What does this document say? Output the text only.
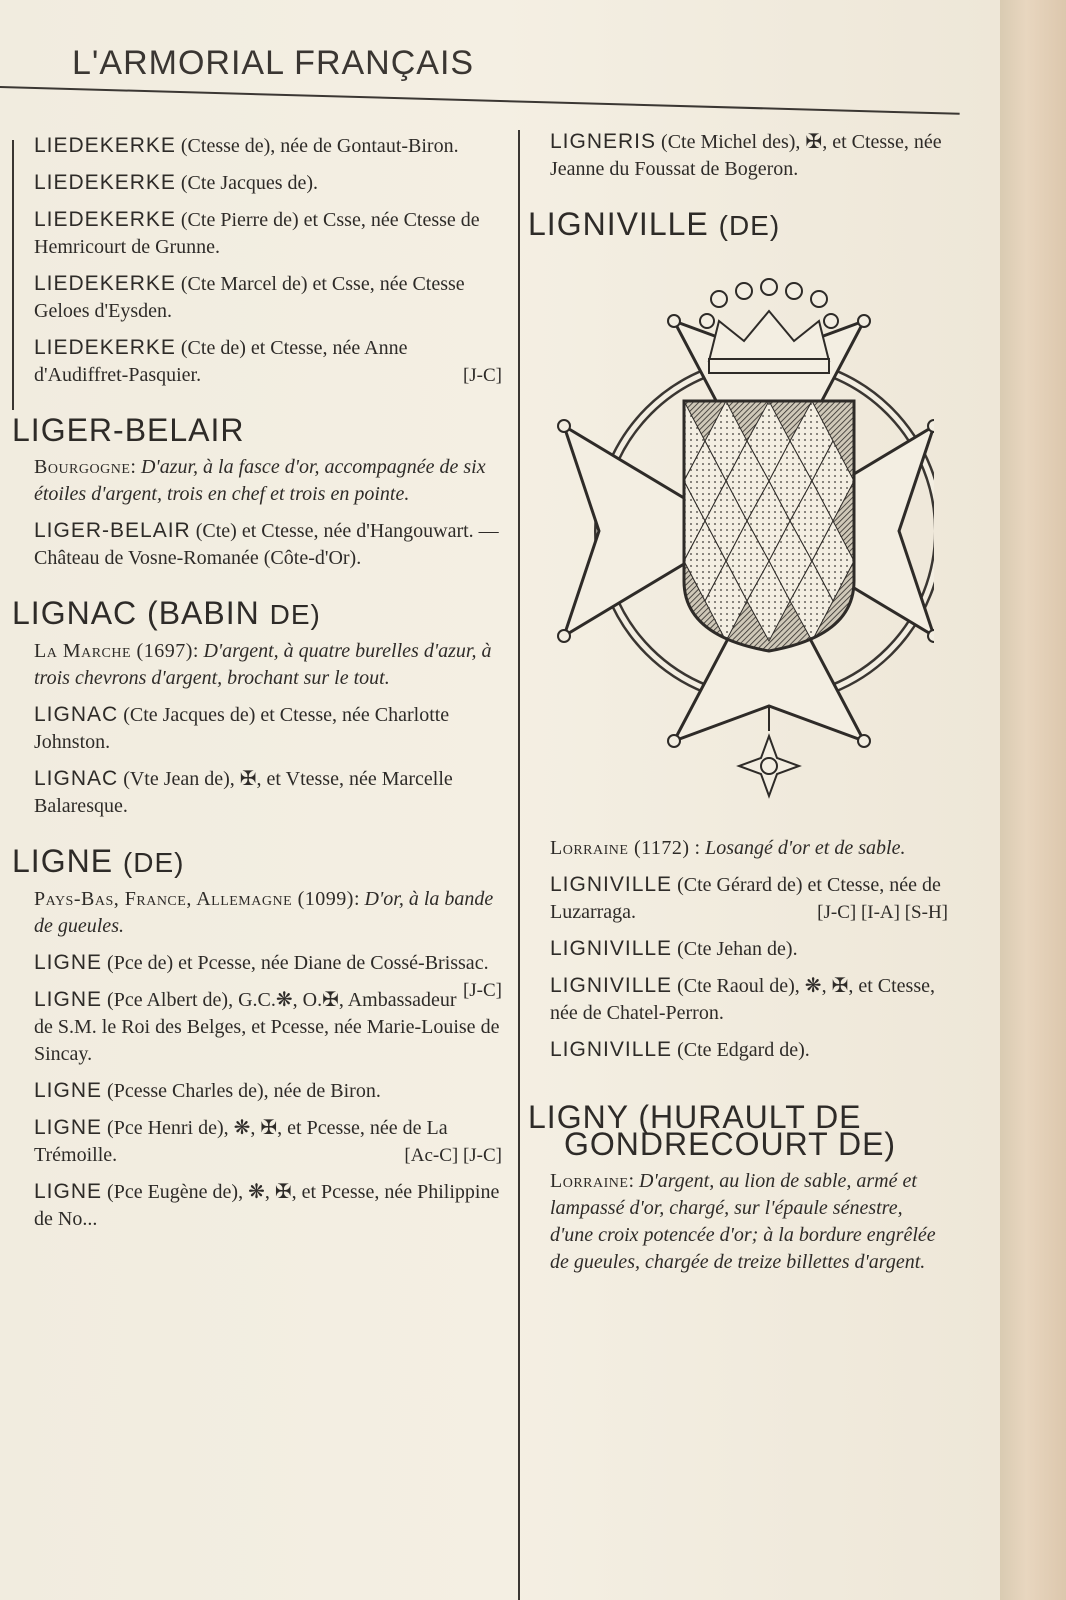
L'ARMORIAL FRANÇAIS
LIEDEKERKE (Ctesse de), née de Gontaut-Biron.
LIEDEKERKE (Cte Jacques de).
LIEDEKERKE (Cte Pierre de) et Csse, née Ctesse de Hemricourt de Grunne.
LIEDEKERKE (Cte Marcel de) et Csse, née Ctesse Geloes d'Eysden.
LIEDEKERKE (Cte de) et Ctesse, née Anne d'Audiffret-Pasquier.	[J-C]
LIGER-BELAIR
Bourgogne: D'azur, à la fasce d'or, accompagnée de six étoiles d'argent, trois en chef et trois en pointe.
LIGER-BELAIR (Cte) et Ctesse, née d'Hangouwart. — Château de Vosne-Romanée (Côte-d'Or).
LIGNAC (BABIN DE)
La Marche (1697): D'argent, à quatre burelles d'azur, à trois chevrons d'argent, brochant sur le tout.
LIGNAC (Cte Jacques de) et Ctesse, née Charlotte Johnston.
LIGNAC (Vte Jean de), ✠, et Vtesse, née Marcelle Balaresque.
LIGNE (DE)
Pays-Bas, France, Allemagne (1099): D'or, à la bande de gueules.
LIGNE (Pce de) et Pcesse, née Diane de Cossé-Brissac.
[J-C]
LIGNE (Pce Albert de), G.C.❋, O.✠, Ambassadeur de S.M. le Roi des Belges, et Pcesse, née Marie-Louise de Sincay.
LIGNE (Pcesse Charles de), née de Biron.
LIGNE (Pce Henri de), ❋, ✠, et Pcesse, née de La Trémoille.	[Ac-C] [J-C]
LIGNE (Pce Eugène de), ❋, ✠, et Pcesse, née Philippine de No...
LIGNERIS (Cte Michel des), ✠, et Ctesse, née Jeanne du Foussat de Bogeron.
LIGNIVILLE (DE)
Lorraine (1172) : Losangé d'or et de sable.
LIGNIVILLE (Cte Gérard de) et Ctesse, née de Luzarraga.	[J-C] [I-A] [S-H]
LIGNIVILLE (Cte Jehan de).
LIGNIVILLE (Cte Raoul de), ❋, ✠, et Ctesse, née de Chatel-Perron.
LIGNIVILLE (Cte Edgard de).
LIGNY (HURAULT DE
GONDRECOURT DE)
Lorraine: D'argent, au lion de sable, armé et lampassé d'or, chargé, sur l'épaule sénestre, d'une croix potencée d'or; à la bordure engrêlée de gueules, chargée de treize billettes d'argent.
